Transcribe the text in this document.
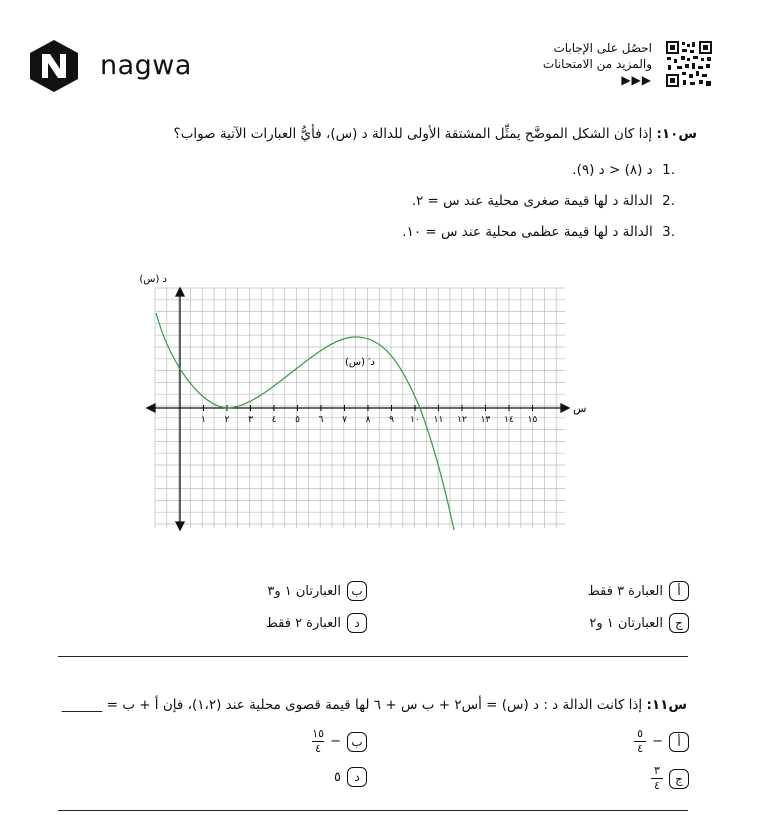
nagwa
احصُل على الإجابات
والمزيد من الامتحانات
▶▶▶
س١٠: إذا كان الشكل الموضَّح يمثِّل المشتقة الأولى للدالة د (س)، فأيُّ العبارات الآتية صواب؟
.1 د (٨) < د (٩).
.2 الدالة د لها قيمة صغرى محلية عند س = ٢.
.3 الدالة د لها قيمة عظمى محلية عند س = ١٠.
د (س)
س
١ ٢ ٣ ٤ ٥ ٦ ٧ ٨ ٩ ١٠ ١١ ١٢ ١٣ ١٤ ١٥
د′ (س)
أ
العبارة ٣ فقط
ب
العبارتان ١ و٣
ج
العبارتان ١ و٢
د
العبارة ٢ فقط
س١١: إذا كانت الدالة د : د (س) = أس٢ + ب س + ٦ لها قيمة قصوى محلية عند (١،٢)، فإن أ + ب = ______
أ
−
$\frac{٥}{٤}$
ب
−
$\frac{١٥}{٤}$
ج
$\frac{٣}{٤}$
د
٥
